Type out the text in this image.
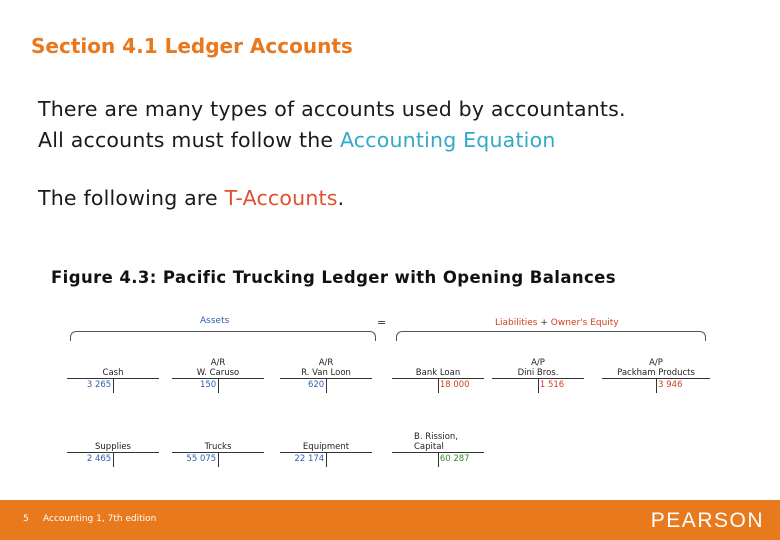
Section 4.1 Ledger Accounts
There are many types of accounts used by accountants.
All accounts must follow the Accounting Equation
The following are T-Accounts.
Figure 4.3: Pacific Trucking Ledger with Opening Balances
Assets	=	Liabilities + Owner's Equity
Cash
3 265
A/R
W. Caruso
150
A/R
R. Van Loon
620
Bank Loan
18 000
A/P
Dini Bros.
1 516
A/P
Packham Products
3 946
Supplies
2 465
Trucks
55 075
Equipment
22 174
B. Rission,
Capital
60 287
5 Accounting 1, 7th edition	PEARSON
